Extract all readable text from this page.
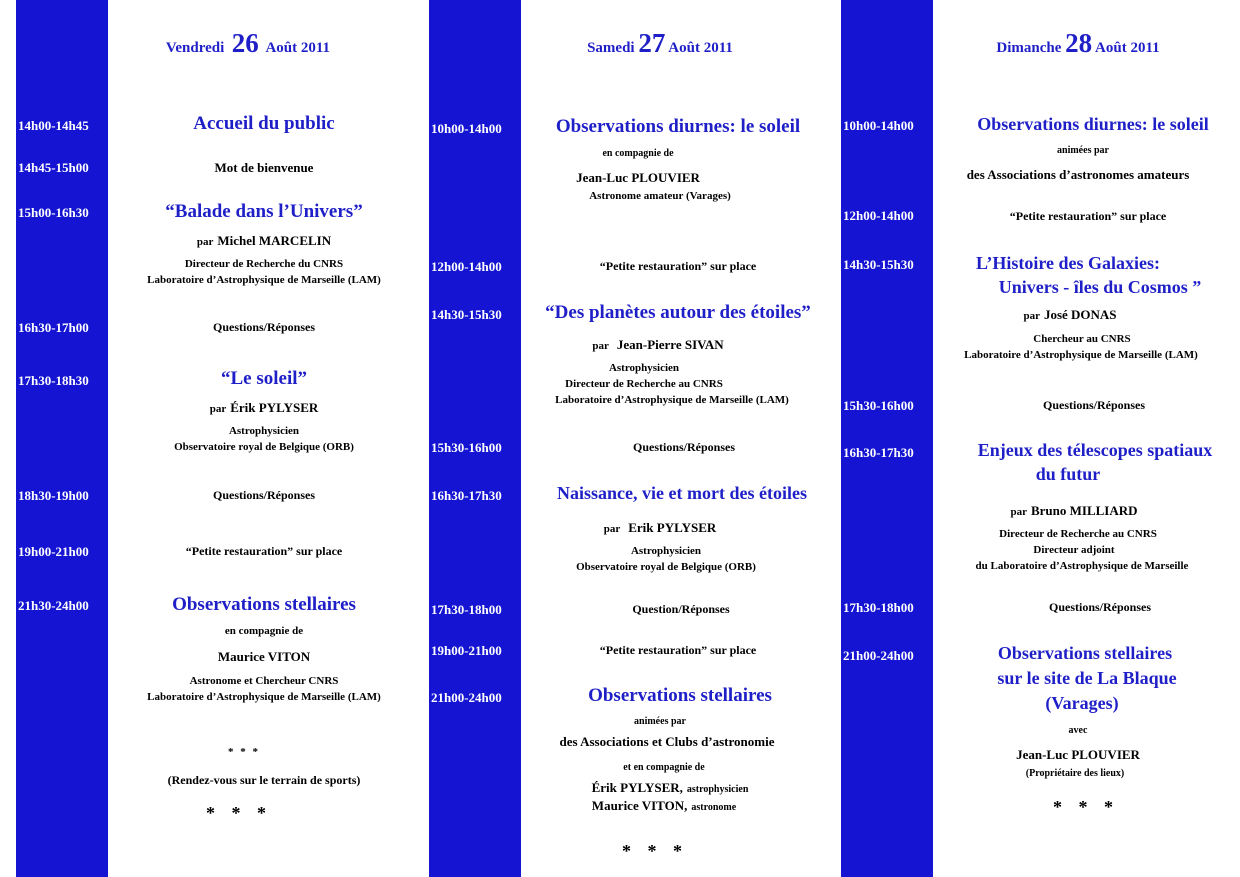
Vendredi 26 Août 2011	Samedi 27 Août 2011	Dimanche 28 Août 2011
14h00-14h45
14h45-15h00
15h00-16h30
16h30-17h00
17h30-18h30
18h30-19h00
19h00-21h00
21h30-24h00
Accueil du public
Mot de bienvenue
“Balade dans l’Univers”
par Michel MARCELIN
Directeur de Recherche du CNRS
Laboratoire d’Astrophysique de Marseille (LAM)
Questions/Réponses
“Le soleil”
par Érik PYLYSER
Astrophysicien
Observatoire royal de Belgique (ORB)
Questions/Réponses
“Petite restauration” sur place
Observations stellaires
en compagnie de
Maurice VITON
Astronome et Chercheur CNRS
Laboratoire d’Astrophysique de Marseille (LAM)
* * *
(Rendez-vous sur le terrain de sports)
* * *
10h00-14h00
12h00-14h00
14h30-15h30
15h30-16h00
16h30-17h30
17h30-18h00
19h00-21h00
21h00-24h00
Observations diurnes: le soleil
en compagnie de
Jean-Luc PLOUVIER
Astronome amateur (Varages)
“Petite restauration” sur place
“Des planètes autour des étoiles”
par Jean-Pierre SIVAN
Astrophysicien
Directeur de Recherche au CNRS
Laboratoire d’Astrophysique de Marseille (LAM)
Questions/Réponses
Naissance, vie et mort des étoiles
par Erik PYLYSER
Astrophysicien
Observatoire royal de Belgique (ORB)
Question/Réponses
“Petite restauration” sur place
Observations stellaires
animées par
des Associations et Clubs d’astronomie
et en compagnie de
Érik PYLYSER, astrophysicien
Maurice VITON, astronome
* * *
10h00-14h00
12h00-14h00
14h30-15h30
15h30-16h00
16h30-17h30
17h30-18h00
21h00-24h00
Observations diurnes: le soleil
animées par
des Associations d’astronomes amateurs
“Petite restauration” sur place
L’Histoire des Galaxies:
Univers - îles du Cosmos ”
par José DONAS
Chercheur au CNRS
Laboratoire d’Astrophysique de Marseille (LAM)
Questions/Réponses
Enjeux des télescopes spatiaux
du futur
par Bruno MILLIARD
Directeur de Recherche au CNRS
Directeur adjoint
du Laboratoire d’Astrophysique de Marseille
Questions/Réponses
Observations stellaires
sur le site de La Blaque
(Varages)
avec
Jean-Luc PLOUVIER
(Propriétaire des lieux)
* * *
